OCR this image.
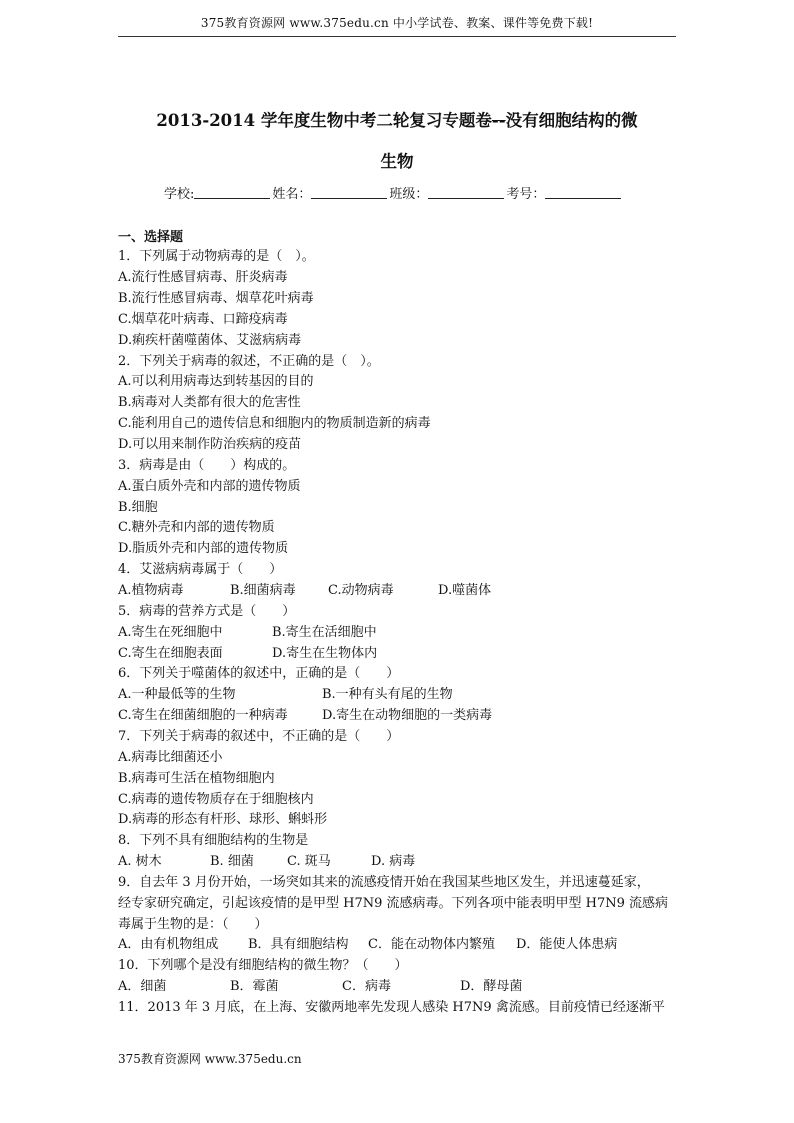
375教育资源网 www.375edu.cn 中小学试卷、教案、课件等免费下载!
2013-2014 学年度生物中考二轮复习专题卷--没有细胞结构的微
生物
学校:	姓名：	班级：	考号：
一、选择题
1．下列属于动物病毒的是（　）。
A.流行性感冒病毒、肝炎病毒
B.流行性感冒病毒、烟草花叶病毒
C.烟草花叶病毒、口蹄疫病毒
D.痢疾杆菌噬菌体、艾滋病病毒
2．下列关于病毒的叙述，不正确的是（　）。
A.可以利用病毒达到转基因的目的
B.病毒对人类都有很大的危害性
C.能利用自己的遗传信息和细胞内的物质制造新的病毒
D.可以用来制作防治疾病的疫苗
3．病毒是由（　　）构成的。
A.蛋白质外壳和内部的遗传物质
B.细胞
C.糖外壳和内部的遗传物质
D.脂质外壳和内部的遗传物质
4．艾滋病病毒属于（　　）
A.植物病毒	B.细菌病毒 C.动物病毒	D.噬菌体
5．病毒的营养方式是（　　）
A.寄生在死细胞中	B.寄生在活细胞中
C.寄生在细胞表面	D.寄生在生物体内
6．下列关于噬菌体的叙述中，正确的是（　　）
A.一种最低等的生物	B.一种有头有尾的生物
C.寄生在细菌细胞的一种病毒	D.寄生在动物细胞的一类病毒
7．下列关于病毒的叙述中，不正确的是（　　）
A.病毒比细菌还小
B.病毒可生活在植物细胞内
C.病毒的遗传物质存在于细胞核内
D.病毒的形态有杆形、球形、蝌蚪形
8．下列不具有细胞结构的生物是
A. 树木	B. 细菌	C. 斑马	D. 病毒
9．自去年 3 月份开始，一场突如其来的流感疫情开始在我国某些地区发生，并迅速蔓延家，
经专家研究确定，引起该疫情的是甲型 H7N9 流感病毒。下列各项中能表明甲型 H7N9 流感病
毒属于生物的是：（　　）
A．由有机物组成 B．具有细胞结构 C．能在动物体内繁殖 D．能使人体患病
10．下列哪个是没有细胞结构的微生物？（　　）
A．细菌	B．霉菌	C．病毒	D．酵母菌
11．2013 年 3 月底，在上海、安徽两地率先发现人感染 H7N9 禽流感。目前疫情已经逐渐平
375教育资源网 www.375edu.cn
